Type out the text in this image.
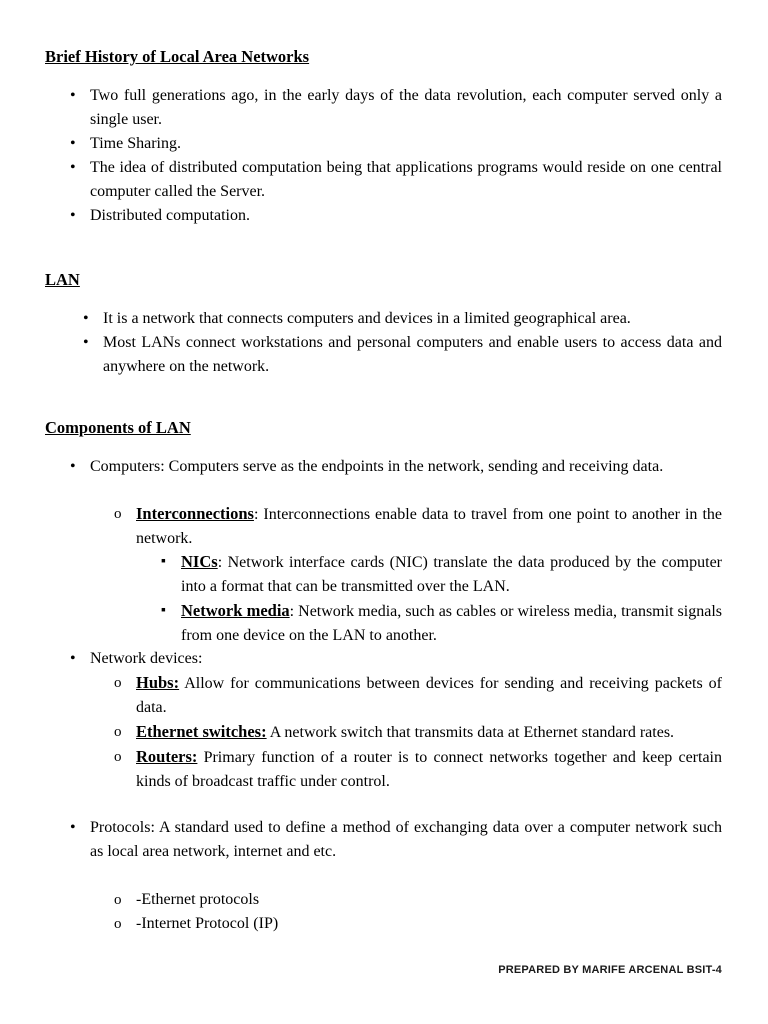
Brief History of Local Area Networks
• Two full generations ago, in the early days of the data revolution, each computer served only a single user.
• Time Sharing.
• The idea of distributed computation being that applications programs would reside on one central computer called the Server.
• Distributed computation.
LAN
• It is a network that connects computers and devices in a limited geographical area.
• Most LANs connect workstations and personal computers and enable users to access data and anywhere on the network.
Components of LAN
• Computers: Computers serve as the endpoints in the network, sending and receiving data.
o Interconnections: Interconnections enable data to travel from one point to another in the network.
▪ NICs: Network interface cards (NIC) translate the data produced by the computer into a format that can be transmitted over the LAN.
▪ Network media: Network media, such as cables or wireless media, transmit signals from one device on the LAN to another.
• Network devices:
o Hubs: Allow for communications between devices for sending and receiving packets of data.
o Ethernet switches: A network switch that transmits data at Ethernet standard rates.
o Routers: Primary function of a router is to connect networks together and keep certain kinds of broadcast traffic under control.
• Protocols: A standard used to define a method of exchanging data over a computer network such as local area network, internet and etc.
o -Ethernet protocols
o -Internet Protocol (IP)
PREPARED BY MARIFE ARCENAL BSIT-4
